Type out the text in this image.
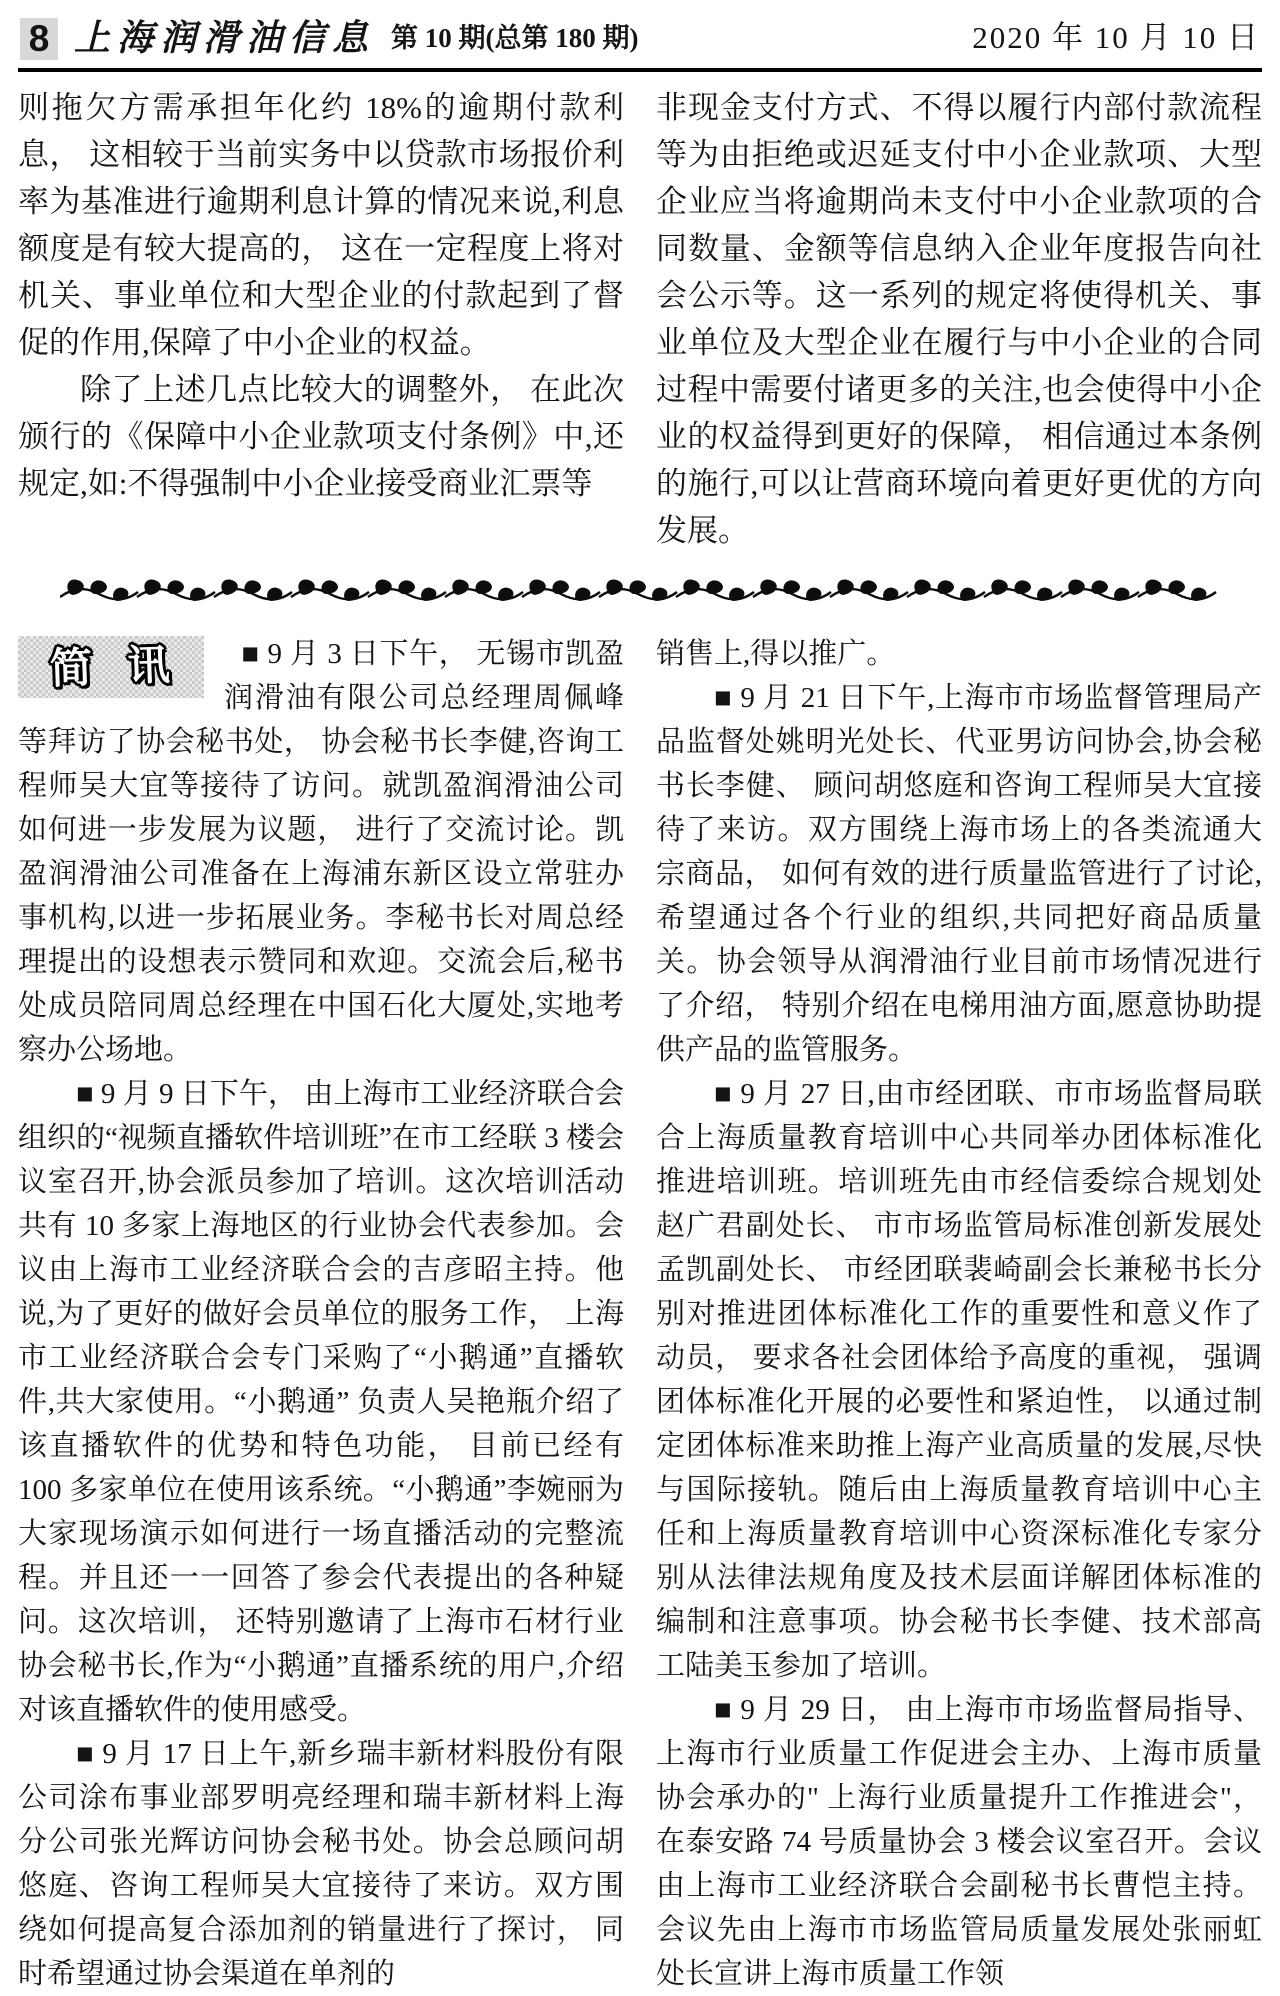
8 上海润滑油信息 第 10 期(总第 180 期)	2020 年 10 月 10 日

则拖欠方需承担年化约 18%的逾期付款利息， 这相较于当前实务中以贷款市场报价利率为基准进行逾期利息计算的情况来说,利息额度是有较大提高的， 这在一定程度上将对机关、事业单位和大型企业的付款起到了督促的作用,保障了中小企业的权益。

除了上述几点比较大的调整外， 在此次颁行的《保障中小企业款项支付条例》中,还规定,如:不得强制中小企业接受商业汇票等

非现金支付方式、不得以履行内部付款流程等为由拒绝或迟延支付中小企业款项、大型企业应当将逾期尚未支付中小企业款项的合同数量、金额等信息纳入企业年度报告向社会公示等。这一系列的规定将使得机关、事业单位及大型企业在履行与中小企业的合同过程中需要付诸更多的关注,也会使得中小企业的权益得到更好的保障， 相信通过本条例的施行,可以让营商环境向着更好更优的方向发展。

简 讯	■ 9 月 3 日下午， 无锡市凯盈润滑油有限公司总经理周佩峰等拜访了协会秘书处， 协会秘书长李健,咨询工程师吴大宜等接待了访问。就凯盈润滑油公司如何进一步发展为议题， 进行了交流讨论。凯盈润滑油公司准备在上海浦东新区设立常驻办事机构,以进一步拓展业务。李秘书长对周总经理提出的设想表示赞同和欢迎。交流会后,秘书处成员陪同周总经理在中国石化大厦处,实地考察办公场地。

■ 9 月 9 日下午， 由上海市工业经济联合会组织的“视频直播软件培训班”在市工经联 3 楼会议室召开,协会派员参加了培训。这次培训活动共有 10 多家上海地区的行业协会代表参加。会议由上海市工业经济联合会的吉彦昭主持。他说,为了更好的做好会员单位的服务工作， 上海市工业经济联合会专门采购了“小鹅通”直播软件,共大家使用。“小鹅通” 负责人吴艳瓶介绍了该直播软件的优势和特色功能， 目前已经有 100 多家单位在使用该系统。“小鹅通”李婉丽为大家现场演示如何进行一场直播活动的完整流程。并且还一一回答了参会代表提出的各种疑问。这次培训， 还特别邀请了上海市石材行业协会秘书长,作为“小鹅通”直播系统的用户,介绍对该直播软件的使用感受。

■ 9 月 17 日上午,新乡瑞丰新材料股份有限公司涂布事业部罗明亮经理和瑞丰新材料上海分公司张光辉访问协会秘书处。协会总顾问胡悠庭、咨询工程师吴大宜接待了来访。双方围绕如何提高复合添加剂的销量进行了探讨， 同时希望通过协会渠道在单剂的

销售上,得以推广。

■ 9 月 21 日下午,上海市市场监督管理局产品监督处姚明光处长、代亚男访问协会,协会秘书长李健、 顾问胡悠庭和咨询工程师吴大宜接待了来访。双方围绕上海市场上的各类流通大宗商品， 如何有效的进行质量监管进行了讨论,希望通过各个行业的组织,共同把好商品质量关。协会领导从润滑油行业目前市场情况进行了介绍， 特别介绍在电梯用油方面,愿意协助提供产品的监管服务。

■ 9 月 27 日,由市经团联、市市场监督局联合上海质量教育培训中心共同举办团体标准化推进培训班。培训班先由市经信委综合规划处赵广君副处长、 市市场监管局标准创新发展处孟凯副处长、 市经团联裴崎副会长兼秘书长分别对推进团体标准化工作的重要性和意义作了动员， 要求各社会团体给予高度的重视， 强调团体标准化开展的必要性和紧迫性， 以通过制定团体标准来助推上海产业高质量的发展,尽快与国际接轨。随后由上海质量教育培训中心主任和上海质量教育培训中心资深标准化专家分别从法律法规角度及技术层面详解团体标准的编制和注意事项。协会秘书长李健、技术部高工陆美玉参加了培训。

■ 9 月 29 日， 由上海市市场监督局指导、上海市行业质量工作促进会主办、上海市质量协会承办的" 上海行业质量提升工作推进会"， 在泰安路 74 号质量协会 3 楼会议室召开。会议由上海市工业经济联合会副秘书长曹恺主持。会议先由上海市市场监管局质量发展处张丽虹处长宣讲上海市质量工作领
